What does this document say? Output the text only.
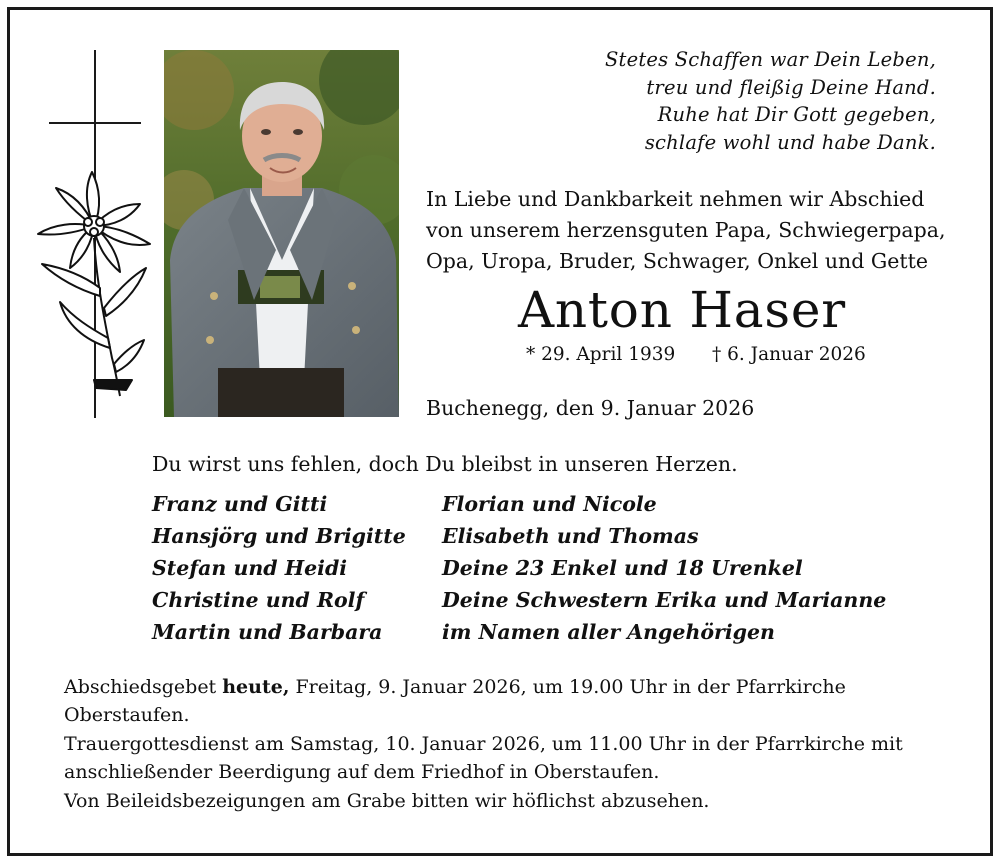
Stetes Schaffen war Dein Leben,
treu und fleißig Deine Hand.
Ruhe hat Dir Gott gegeben,
schlafe wohl und habe Dank.
In Liebe und Dankbarkeit nehmen wir Abschied
von unserem herzensguten Papa, Schwiegerpapa,
Opa, Uropa, Bruder, Schwager, Onkel und Gette
Anton Haser
* 29. April 1939 † 6. Januar 2026
Buchenegg, den 9. Januar 2026
Du wirst uns fehlen, doch Du bleibst in unseren Herzen.
Franz und Gitti
Hansjörg und Brigitte
Stefan und Heidi
Christine und Rolf
Martin und Barbara
Florian und Nicole
Elisabeth und Thomas
Deine 23 Enkel und 18 Urenkel
Deine Schwestern Erika und Marianne
im Namen aller Angehörigen

Abschiedsgebet heute, Freitag, 9. Januar 2026, um 19.00 Uhr in der Pfarrkirche Oberstaufen.

Trauergottesdienst am Samstag, 10. Januar 2026, um 11.00 Uhr in der Pfarrkirche mit anschließender Beerdigung auf dem Friedhof in Oberstaufen.

Von Beileidsbezeigungen am Grabe bitten wir höflichst abzusehen.
